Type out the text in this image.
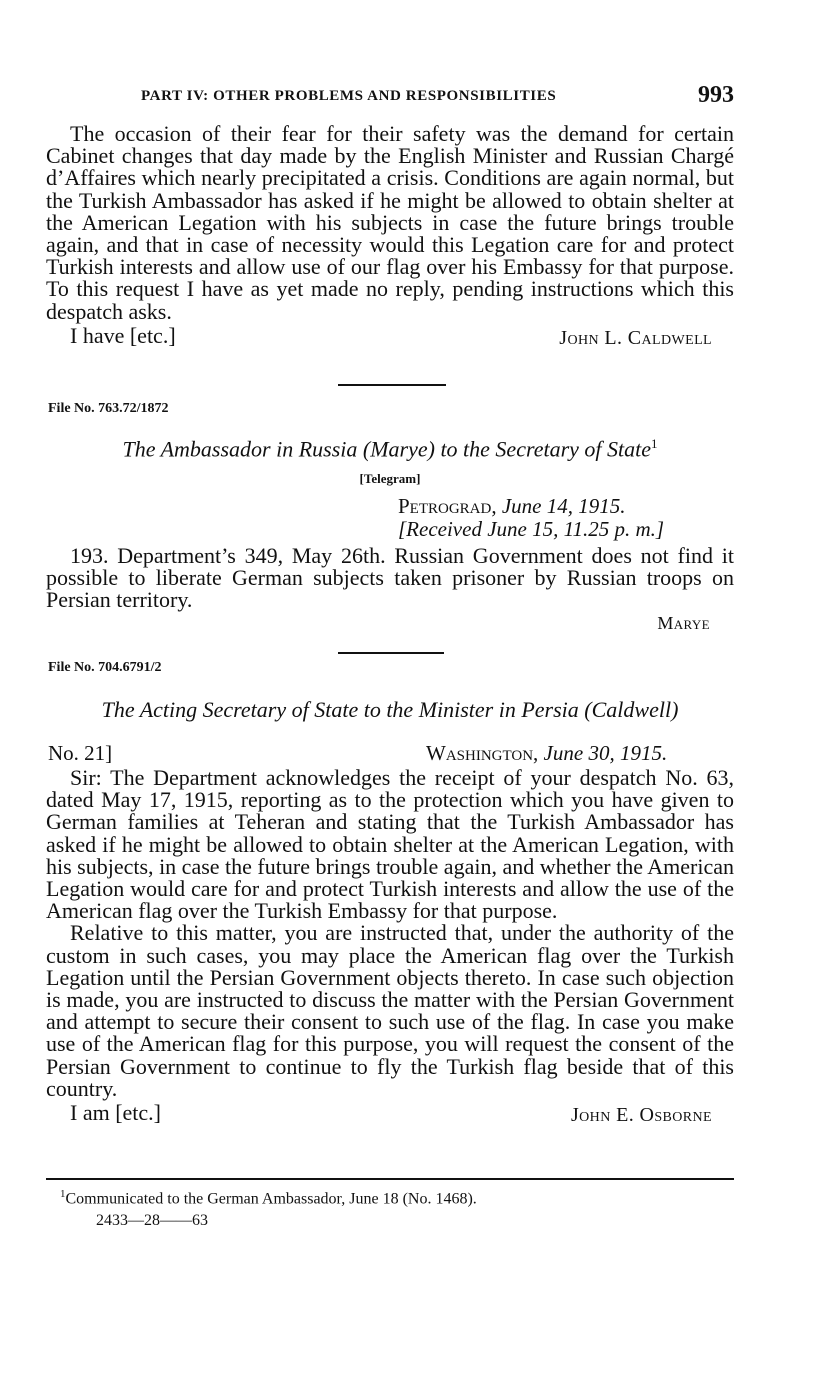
PART IV: OTHER PROBLEMS AND RESPONSIBILITIES	993

The occasion of their fear for their safety was the demand for certain Cabinet changes that day made by the English Minister and Russian Chargé d’Affaires which nearly precipitated a crisis. Conditions are again normal, but the Turkish Ambassador has asked if he might be allowed to obtain shelter at the American Legation with his subjects in case the future brings trouble again, and that in case of necessity would this Legation care for and protect Turkish interests and allow use of our flag over his Embassy for that purpose. To this request I have as yet made no reply, pending instructions which this despatch asks.

I have [etc.]	John L. Caldwell
File No. 763.72/1872
The Ambassador in Russia (Marye) to the Secretary of State$^1$
[Telegram]
Petrograd, June 14, 1915.
[Received June 15, 11.25 p. m.]

193. Department’s 349, May 26th. Russian Government does not find it possible to liberate German subjects taken prisoner by Russian troops on Persian territory.

Marye
File No. 704.6791/2
The Acting Secretary of State to the Minister in Persia (Caldwell)
No. 21]	Washington, June 30, 1915.

Sir: The Department acknowledges the receipt of your despatch No. 63, dated May 17, 1915, reporting as to the protection which you have given to German families at Teheran and stating that the Turkish Ambassador has asked if he might be allowed to obtain shelter at the American Legation, with his subjects, in case the future brings trouble again, and whether the American Legation would care for and protect Turkish interests and allow the use of the American flag over the Turkish Embassy for that purpose.

Relative to this matter, you are instructed that, under the authority of the custom in such cases, you may place the American flag over the Turkish Legation until the Persian Government objects thereto. In case such objection is made, you are instructed to discuss the matter with the Persian Government and attempt to secure their consent to such use of the flag. In case you make use of the American flag for this purpose, you will request the consent of the Persian Government to continue to fly the Turkish flag beside that of this country.

I am [etc.]	John E. Osborne
$^1$Communicated to the German Ambassador, June 18 (No. 1468).
2433—28——63
